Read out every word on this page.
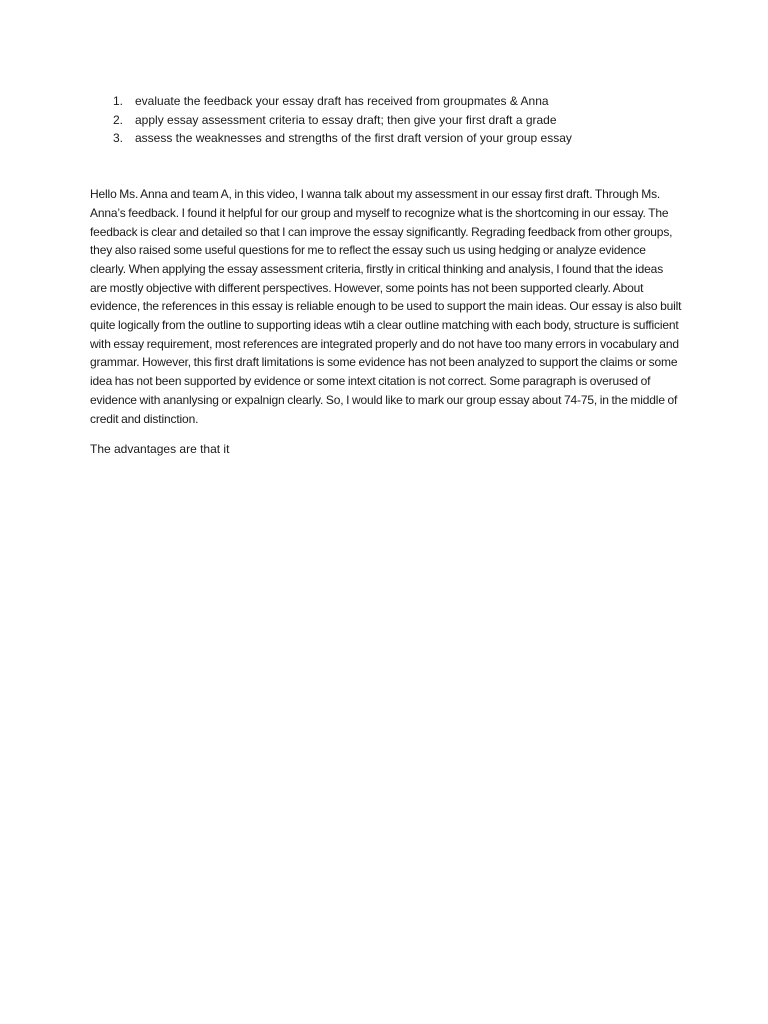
1. evaluate the feedback your essay draft has received from groupmates & Anna
2. apply essay assessment criteria to essay draft; then give your first draft a grade
3. assess the weaknesses and strengths of the first draft version of your group essay

Hello Ms. Anna and team A, in this video, I wanna talk about my assessment in our essay first draft. Through Ms. Anna’s feedback. I found it helpful for our group and myself to recognize what is the shortcoming in our essay. The feedback is clear and detailed so that I can improve the essay significantly. Regrading feedback from other groups, they also raised some useful questions for me to reflect the essay such us using hedging or analyze evidence clearly. When applying the essay assessment criteria, firstly in critical thinking and analysis, I found that the ideas are mostly objective with different perspectives. However, some points has not been supported clearly. About evidence, the references in this essay is reliable enough to be used to support the main ideas. Our essay is also built quite logically from the outline to supporting ideas wtih a clear outline matching with each body, structure is sufficient with essay requirement, most references are integrated properly and do not have too many errors in vocabulary and grammar. However, this first draft limitations is some evidence has not been analyzed to support the claims or some idea has not been supported by evidence or some intext citation is not correct. Some paragraph is overused of evidence with ananlysing or expalnign clearly. So, I would like to mark our group essay about 74-75, in the middle of credit and distinction.

The advantages are that it
